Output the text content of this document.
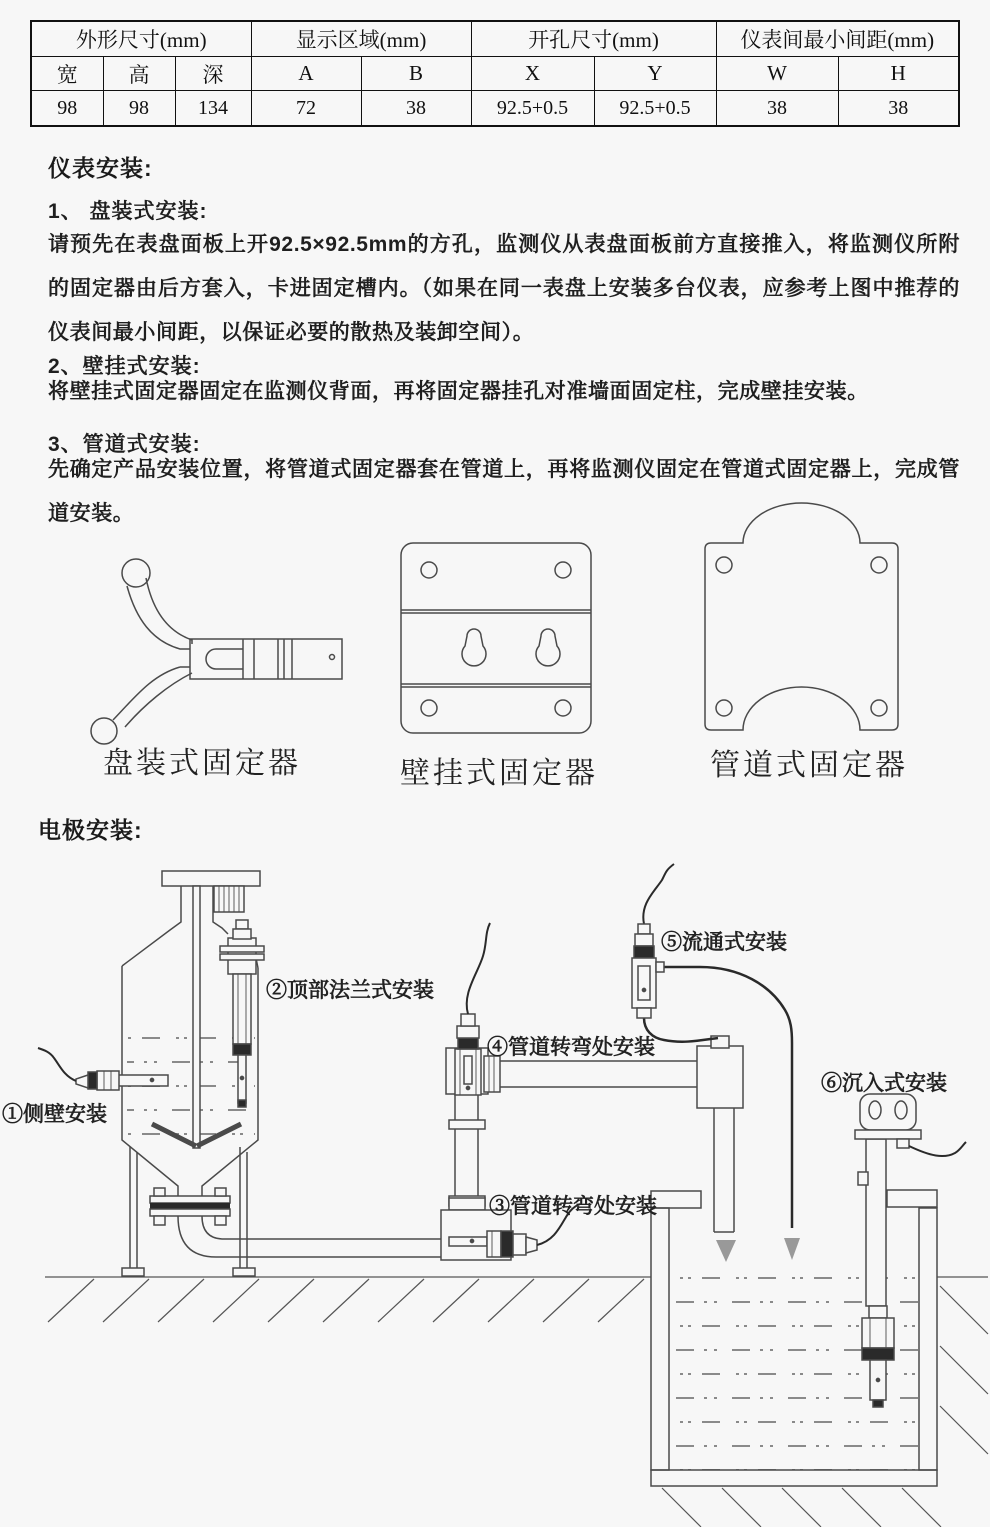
外形尺寸(mm)			显示区域(mm)		开孔尺寸(mm)		仪表间最小间距(mm)	
宽	高	深	A	B	X	Y	W	H
98	98	134	72	38	92.5+0.5	92.5+0.5	38	38
仪表安装:
1、 盘装式安装:
请预先在表盘面板上开92.5×92.5mm的方孔，监测仪从表盘面板前方直接推入，将监测仪所附的固定器由后方套入，卡进固定槽内。（如果在同一表盘上安装多台仪表，应参考上图中推荐的仪表间最小间距，以保证必要的散热及装卸空间）。
2、壁挂式安装:
将壁挂式固定器固定在监测仪背面，再将固定器挂孔对准墙面固定柱，完成壁挂安装。
3、管道式安装:
先确定产品安装位置，将管道式固定器套在管道上，再将监测仪固定在管道式固定器上，完成管道安装。
盘装式固定器	壁挂式固定器	管道式固定器
电极安装:
①侧壁安装
②顶部法兰式安装
③管道转弯处安装
④管道转弯处安装
⑤流通式安装
⑥沉入式安装
